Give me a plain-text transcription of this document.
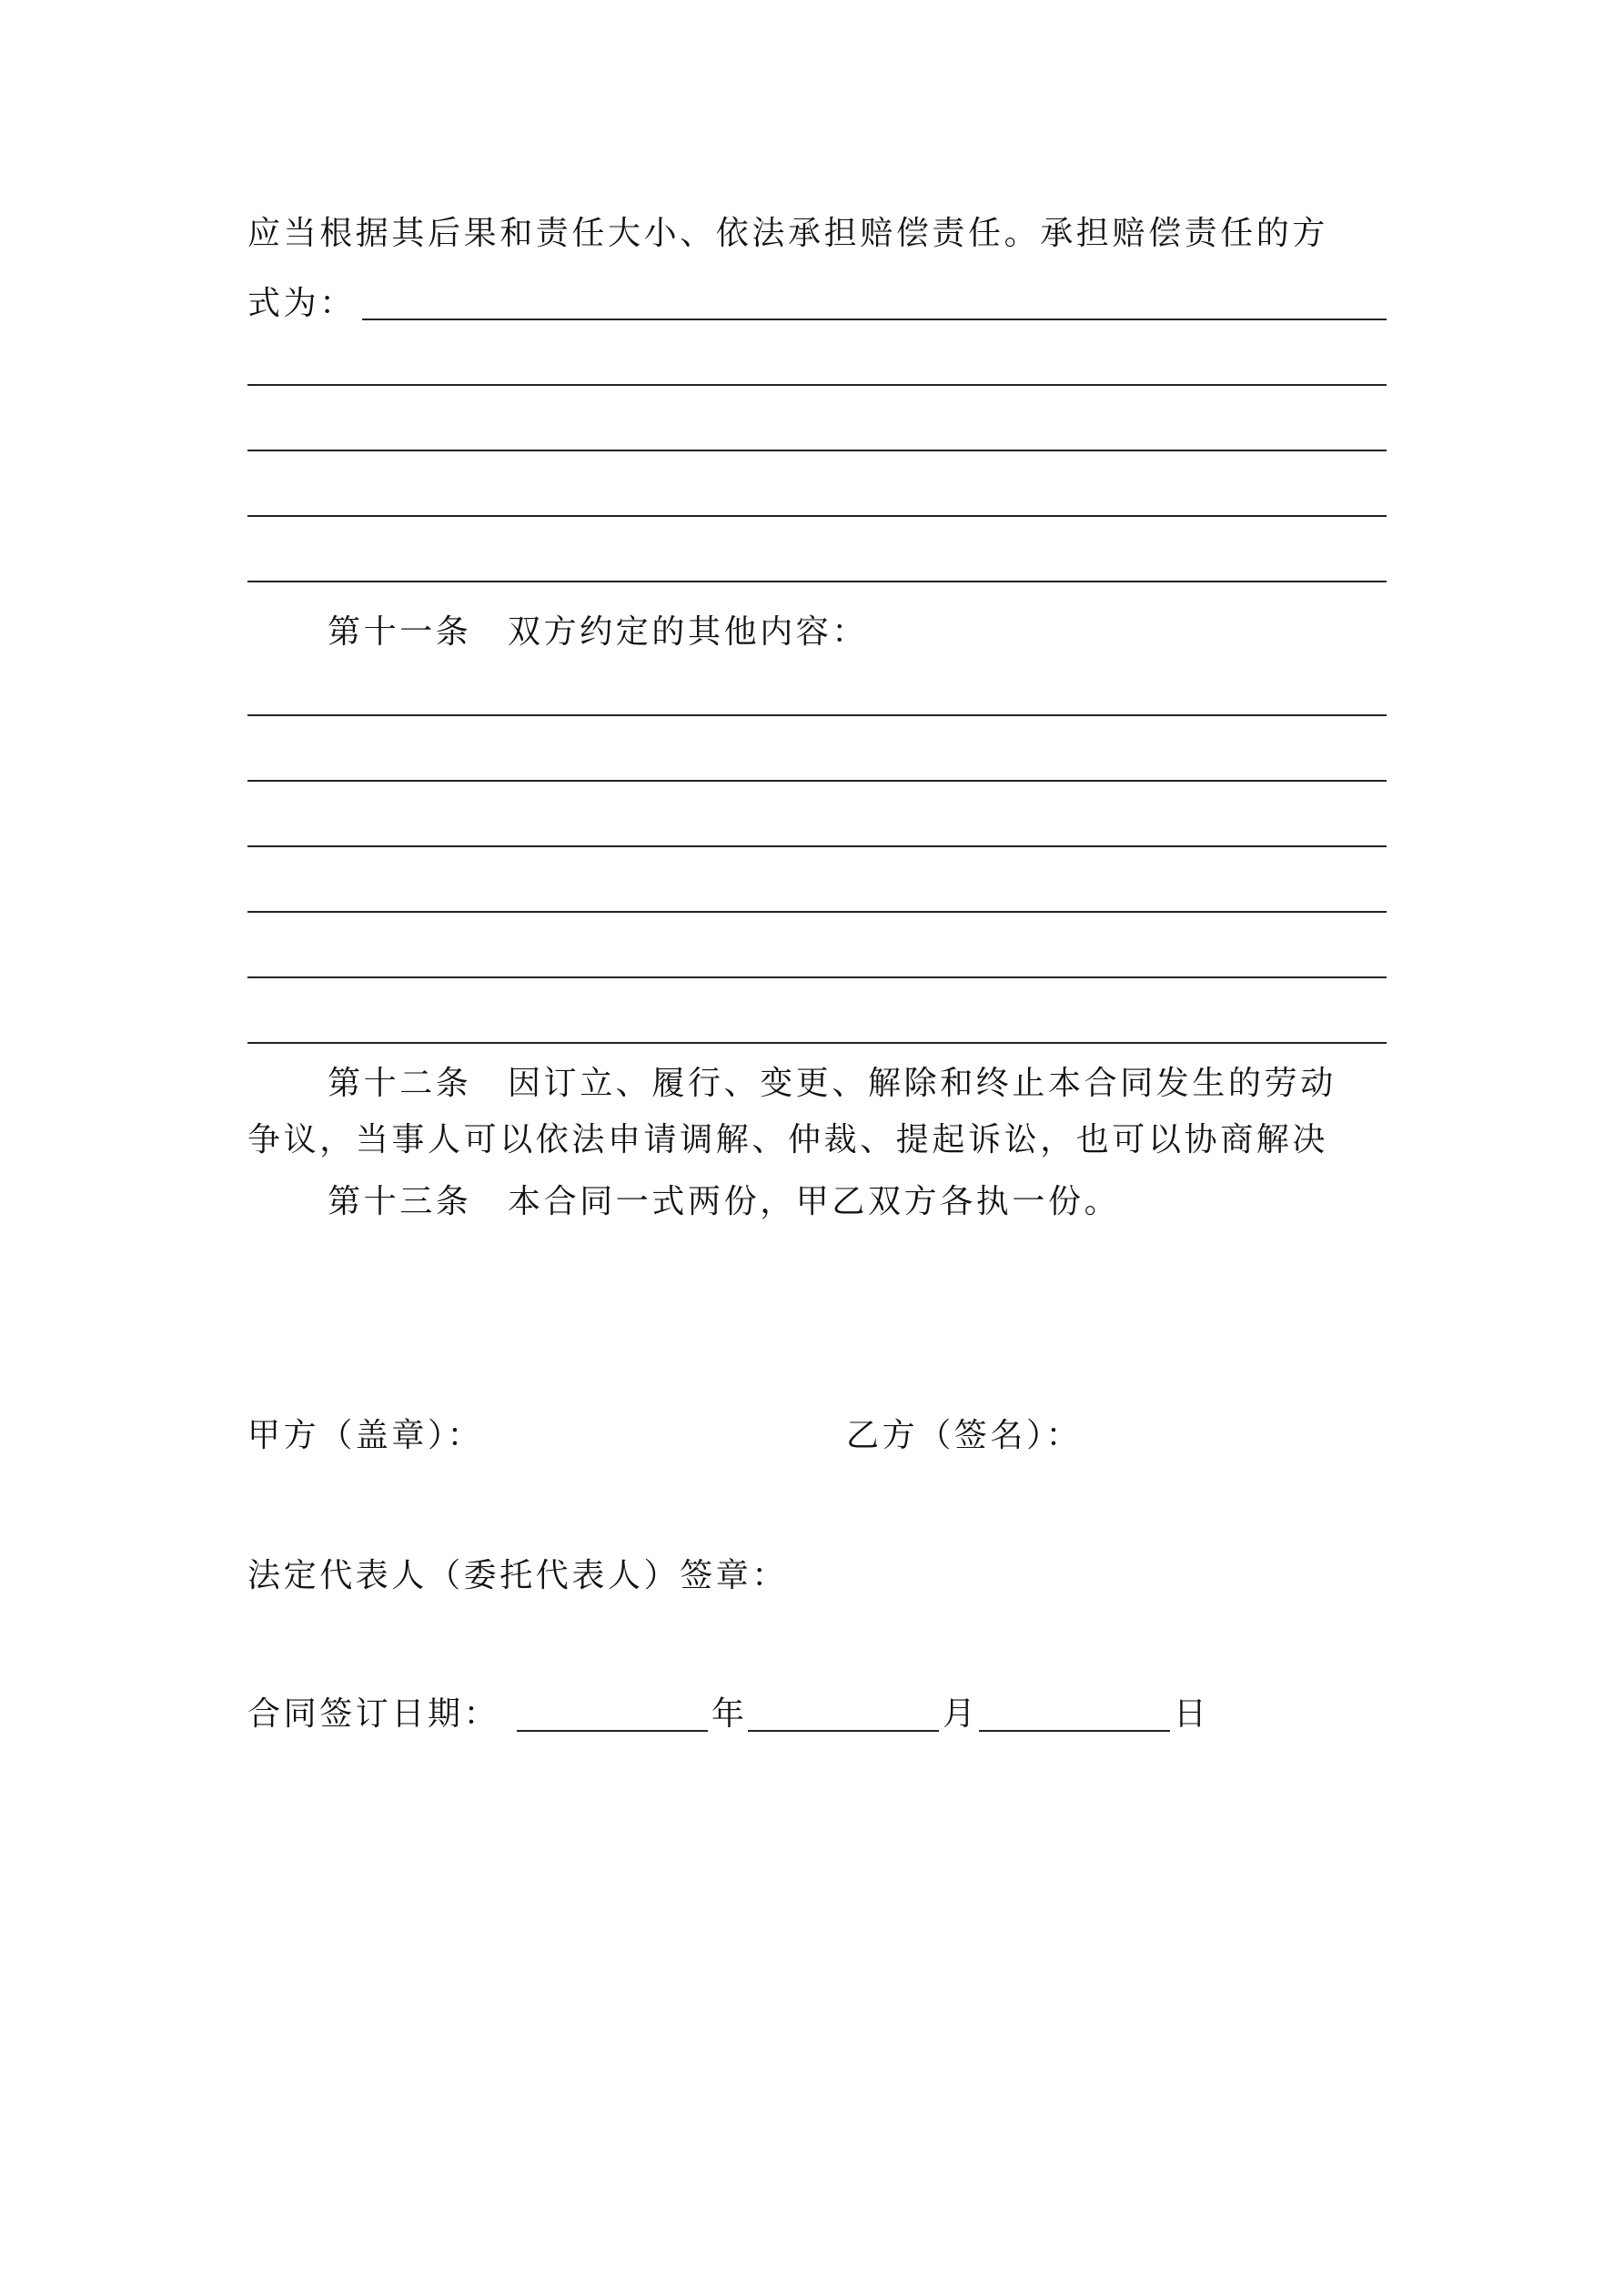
应当根据其后果和责任大小、依法承担赔偿责任。承担赔偿责任的方
式为：
第十一条　双方约定的其他内容：
第十二条　因订立、履行、变更、解除和终止本合同发生的劳动
争议，当事人可以依法申请调解、仲裁、提起诉讼，也可以协商解决
第十三条　本合同一式两份，甲乙双方各执一份。
甲方（盖章）：	乙方（签名）：
法定代表人（委托代表人）签章：
合同签订日期：	年	月	日
